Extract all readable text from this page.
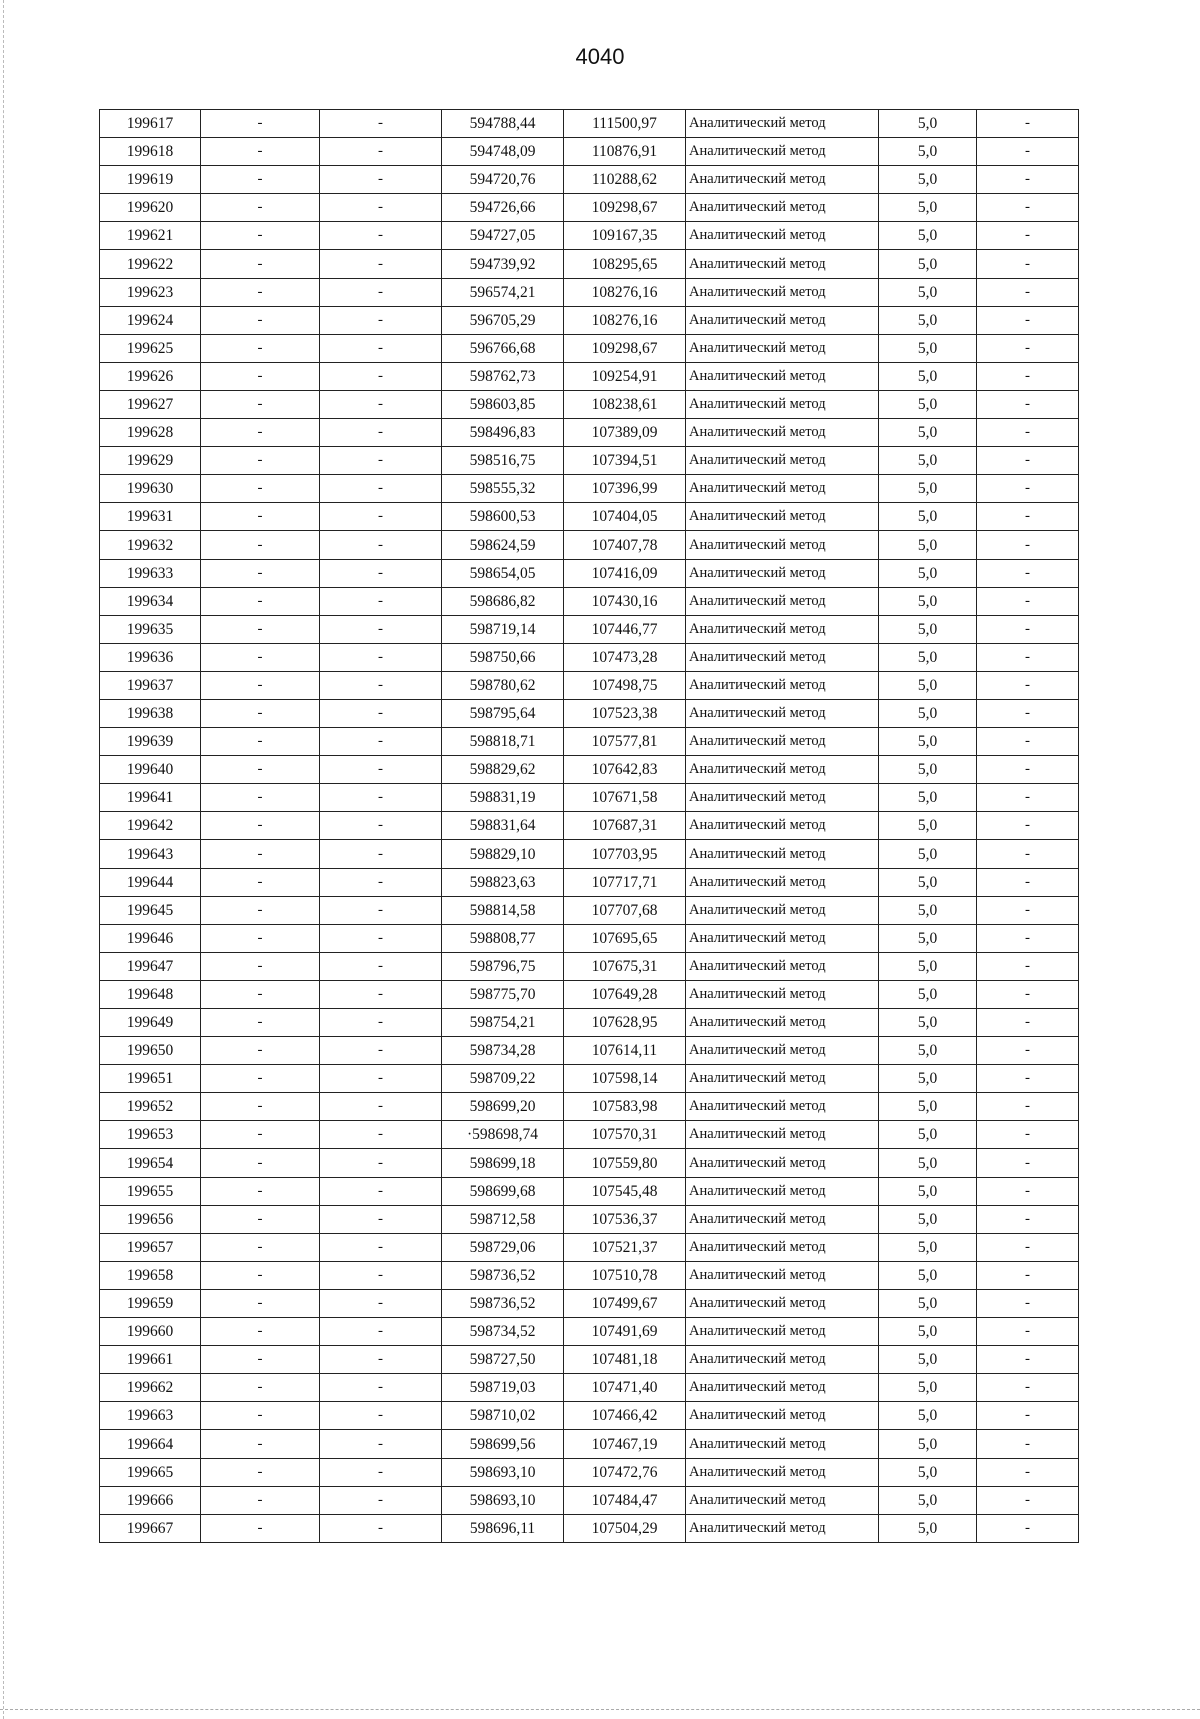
4040
199617	-	-	594788,44	111500,97	Аналитический метод	5,0	-
199618	-	-	594748,09	110876,91	Аналитический метод	5,0	-
199619	-	-	594720,76	110288,62	Аналитический метод	5,0	-
199620	-	-	594726,66	109298,67	Аналитический метод	5,0	-
199621	-	-	594727,05	109167,35	Аналитический метод	5,0	-
199622	-	-	594739,92	108295,65	Аналитический метод	5,0	-
199623	-	-	596574,21	108276,16	Аналитический метод	5,0	-
199624	-	-	596705,29	108276,16	Аналитический метод	5,0	-
199625	-	-	596766,68	109298,67	Аналитический метод	5,0	-
199626	-	-	598762,73	109254,91	Аналитический метод	5,0	-
199627	-	-	598603,85	108238,61	Аналитический метод	5,0	-
199628	-	-	598496,83	107389,09	Аналитический метод	5,0	-
199629	-	-	598516,75	107394,51	Аналитический метод	5,0	-
199630	-	-	598555,32	107396,99	Аналитический метод	5,0	-
199631	-	-	598600,53	107404,05	Аналитический метод	5,0	-
199632	-	-	598624,59	107407,78	Аналитический метод	5,0	-
199633	-	-	598654,05	107416,09	Аналитический метод	5,0	-
199634	-	-	598686,82	107430,16	Аналитический метод	5,0	-
199635	-	-	598719,14	107446,77	Аналитический метод	5,0	-
199636	-	-	598750,66	107473,28	Аналитический метод	5,0	-
199637	-	-	598780,62	107498,75	Аналитический метод	5,0	-
199638	-	-	598795,64	107523,38	Аналитический метод	5,0	-
199639	-	-	598818,71	107577,81	Аналитический метод	5,0	-
199640	-	-	598829,62	107642,83	Аналитический метод	5,0	-
199641	-	-	598831,19	107671,58	Аналитический метод	5,0	-
199642	-	-	598831,64	107687,31	Аналитический метод	5,0	-
199643	-	-	598829,10	107703,95	Аналитический метод	5,0	-
199644	-	-	598823,63	107717,71	Аналитический метод	5,0	-
199645	-	-	598814,58	107707,68	Аналитический метод	5,0	-
199646	-	-	598808,77	107695,65	Аналитический метод	5,0	-
199647	-	-	598796,75	107675,31	Аналитический метод	5,0	-
199648	-	-	598775,70	107649,28	Аналитический метод	5,0	-
199649	-	-	598754,21	107628,95	Аналитический метод	5,0	-
199650	-	-	598734,28	107614,11	Аналитический метод	5,0	-
199651	-	-	598709,22	107598,14	Аналитический метод	5,0	-
199652	-	-	598699,20	107583,98	Аналитический метод	5,0	-
199653	-	-	·598698,74	107570,31	Аналитический метод	5,0	-
199654	-	-	598699,18	107559,80	Аналитический метод	5,0	-
199655	-	-	598699,68	107545,48	Аналитический метод	5,0	-
199656	-	-	598712,58	107536,37	Аналитический метод	5,0	-
199657	-	-	598729,06	107521,37	Аналитический метод	5,0	-
199658	-	-	598736,52	107510,78	Аналитический метод	5,0	-
199659	-	-	598736,52	107499,67	Аналитический метод	5,0	-
199660	-	-	598734,52	107491,69	Аналитический метод	5,0	-
199661	-	-	598727,50	107481,18	Аналитический метод	5,0	-
199662	-	-	598719,03	107471,40	Аналитический метод	5,0	-
199663	-	-	598710,02	107466,42	Аналитический метод	5,0	-
199664	-	-	598699,56	107467,19	Аналитический метод	5,0	-
199665	-	-	598693,10	107472,76	Аналитический метод	5,0	-
199666	-	-	598693,10	107484,47	Аналитический метод	5,0	-
199667	-	-	598696,11	107504,29	Аналитический метод	5,0	-
